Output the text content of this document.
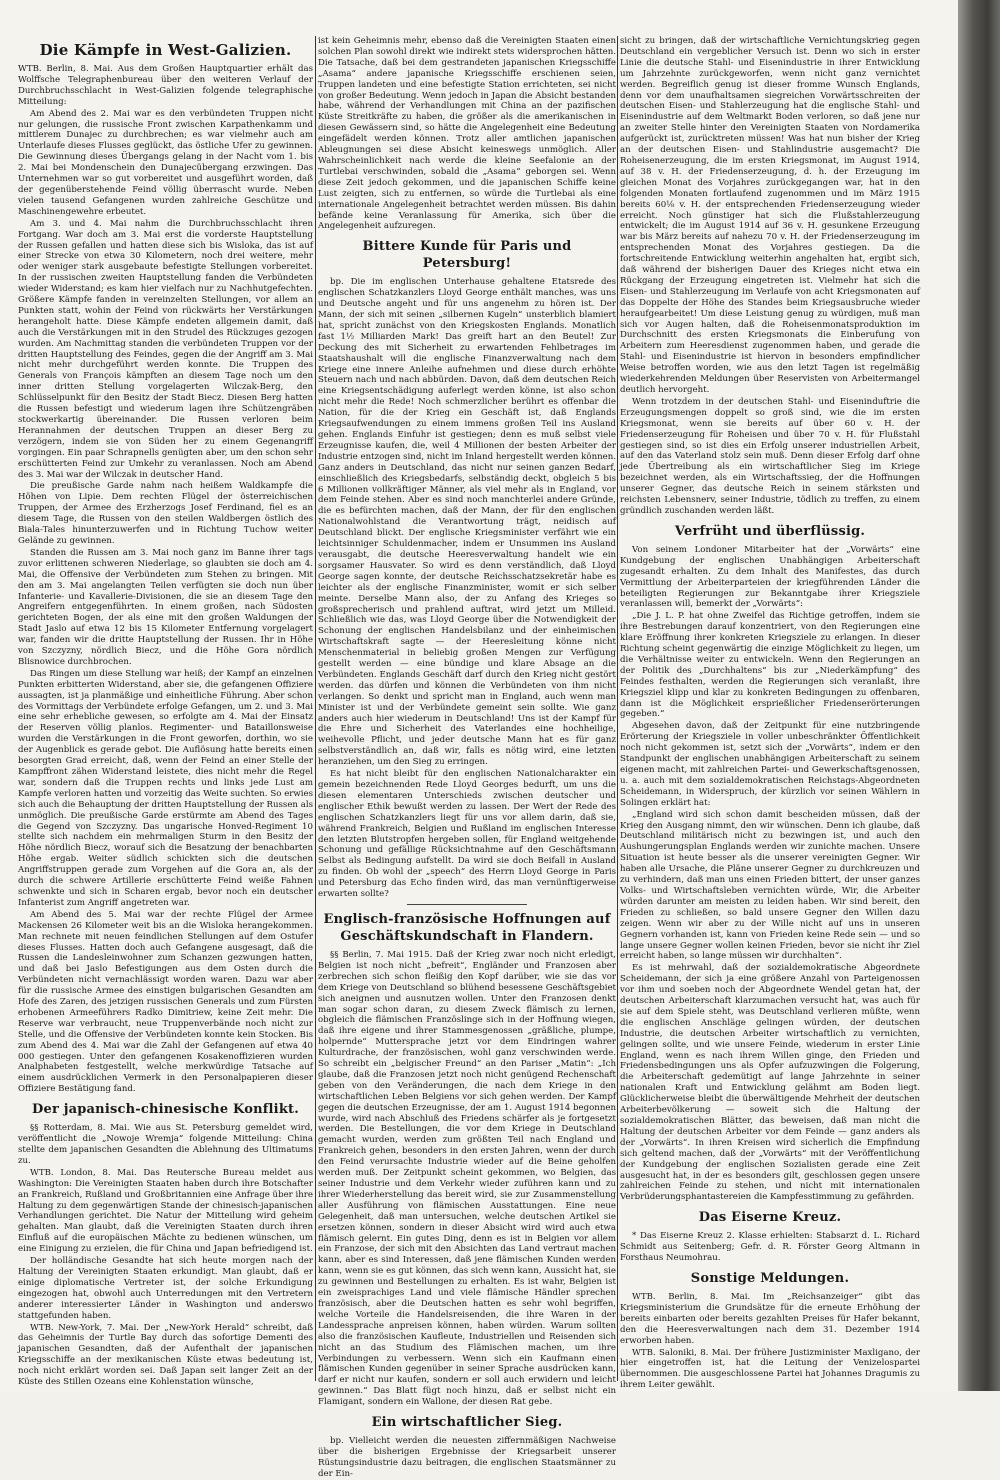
Die Kämpfe in West-Galizien.

WTB. Berlin, 8. Mai. Aus dem Großen Hauptquartier erhält das Wolffsche Telegraphenbureau über den weiteren Verlauf der Durchbruchsschlacht in West-Galizien folgende telegraphische Mitteilung:

Am Abend des 2. Mai war es den verbündeten Truppen nicht nur gelungen, die russische Front zwischen Karpathenkamm und mittlerem Dunajec zu durchbrechen; es war vielmehr auch am Unterlaufe dieses Flusses geglückt, das östliche Ufer zu gewinnen. Die Gewinnung dieses Übergangs gelang in der Nacht vom 1. bis 2. Mai bei Mondenschein den Dunajecübergang erzwingen. Das Unternehmen war so gut vorbereitet und ausgeführt worden, daß der gegenüberstehende Feind völlig überrascht wurde. Neben vielen tausend Gefangenen wurden zahlreiche Geschütze und Maschinengewehre erbeutet.

Am 3. und 4. Mai nahm die Durchbruchsschlacht ihren Fortgang. War doch am 3. Mai erst die vorderste Hauptstellung der Russen gefallen und hatten diese sich bis Wisloka, das ist auf einer Strecke von etwa 30 Kilometern, noch drei weitere, mehr oder weniger stark ausgebaute befestigte Stellungen vorbereitet. In der russischen zweiten Hauptstellung fanden die Verbündeten wieder Widerstand; es kam hier vielfach nur zu Nachhutgefechten. Größere Kämpfe fanden in vereinzelten Stellungen, vor allem an Punkten statt, wohin der Feind von rückwärts her Verstärkungen herangeholt hatte. Diese Kämpfe endeten allgemein damit, daß auch die Verstärkungen mit in den Strudel des Rückzuges gezogen wurden. Am Nachmittag standen die verbündeten Truppen vor der dritten Hauptstellung des Feindes, gegen die der Angriff am 3. Mai nicht mehr durchgeführt werden konnte. Die Truppen des Generals von François kämpften an diesem Tage noch um den inner dritten Stellung vorgelagerten Wilczak-Berg, den Schlüsselpunkt für den Besitz der Stadt Biecz. Diesen Berg hatten die Russen befestigt und wiederum lagen ihre Schützengräben stockwerkartig übereinander. Die Russen verloren beim Herannahmen der deutschen Truppen an dieser Berg zu verzögern, indem sie von Süden her zu einem Gegenangriff vorgingen. Ein paar Schrapnells genügten aber, um den schon sehr erschütterten Feind zur Umkehr zu veranlassen. Noch am Abend des 3. Mai war der Wilczak in deutscher Hand.

Die preußische Garde nahm nach heißem Waldkampfe die Höhen von Lipie. Dem rechten Flügel der österreichischen Truppen, der Armee des Erzherzogs Josef Ferdinand, fiel es an diesem Tage, die Russen von den steilen Waldbergen östlich des Biala-Tales hinunterzuwerfen und in Richtung Tuchow weiter Gelände zu gewinnen.

Standen die Russen am 3. Mai noch ganz im Banne ihrer tags zuvor erlittenen schweren Niederlage, so glaubten sie doch am 4. Mai, die Offensive der Verbündeten zum Stehen zu bringen. Mit den am 3. Mai angelangten Teilen verfügten sie doch nun über Infanterie- und Kavallerie-Divisionen, die sie an diesem Tage den Angreifern entgegenführten. In einem großen, nach Südosten gerichteten Bogen, der als eine mit den großen Waldungen der Stadt Jaslo auf etwa 12 bis 15 Kilometer Entfernung vorgelagert war, fanden wir die dritte Hauptstellung der Russen. Ihr in Höhe von Szczyzny, nördlich Biecz, und die Höhe Gora nördlich Blisnowice durchbrochen.

Das Ringen um diese Stellung war heiß; der Kampf an einzelnen Punkten erbitterten Widerstand, aber sie, die gefangenen Offiziere aussagten, ist ja planmäßige und einheitliche Führung. Aber schon des Vormittags der Verbündete erfolge Gefangen, um 2. und 3. Mai eine sehr erhebliche gewesen, so erfolgte am 4. Mai der Einsatz der Reserven völlig planlos. Regimenter- und Bataillonsweise wurden die Verstärkungen in die Front geworfen, dorthin, wo sie der Augenblick es gerade gebot. Die Auflösung hatte bereits einen besorgten Grad erreicht, daß, wenn der Feind an einer Stelle der Kampffront zähen Widerstand leistete, dies nicht mehr die Regel war, sondern daß die Truppen rechts und links jede Lust am Kampfe verloren hatten und vorzeitig das Weite suchten. So erwies sich auch die Behauptung der dritten Hauptstellung der Russen als unmöglich. Die preußische Garde erstürmte am Abend des Tages die Gegend von Szczyzny. Das ungarische Honved-Regiment 10 stellte sich nachdem ein mehrmaligen Sturm in den Besitz der Höhe nördlich Biecz, worauf sich die Besatzung der benachbarten Höhe ergab. Weiter südlich schickten sich die deutschen Angriffstruppen gerade zum Vorgehen auf die Gora an, als der durch die schwere Artillerie erschütterte Feind weiße Fahnen schwenkte und sich in Scharen ergab, bevor noch ein deutscher Infanterist zum Angriff angetreten war.

Am Abend des 5. Mai war der rechte Flügel der Armee Mackensen 26 Kilometer weit bis an die Wisloka herangekommen. Man rechnete mit neuen feindlichen Stellungen auf dem Ostufer dieses Flusses. Hatten doch auch Gefangene ausgesagt, daß die Russen die Landesleinwohner zum Schanzen gezwungen hatten, und daß bei Jaslo Befestigungen aus dem Osten durch die Verbündeten nicht vernachlässigt worden waren. Dazu war aber für die russische Armee des einstigen bulgarischen Gesandten am Hofe des Zaren, des jetzigen russischen Generals und zum Fürsten erhobenen Armeeführers Radko Dimitriew, keine Zeit mehr. Die Reserve war verbraucht, neue Truppenverbände noch nicht zur Stelle, und die Offensive der Verbündeten konnte kein Stocken. Bis zum Abend des 4. Mai war die Zahl der Gefangenen auf etwa 40 000 gestiegen. Unter den gefangenen Kosakenoffizieren wurden Analphabeten festgestellt, welche merkwürdige Tatsache auf einem ausdrücklichen Vermerk in den Personalpapieren dieser Offiziere Bestätigung fand.

Der japanisch-chinesische Konflikt.

§§ Rotterdam, 8. Mai. Wie aus St. Petersburg gemeldet wird, veröffentlicht die „Nowoje Wremja“ folgende Mitteilung: China stellte dem japanischen Gesandten die Ablehnung des Ultimatums zu.

WTB. London, 8. Mai. Das Reutersche Bureau meldet aus Washington: Die Vereinigten Staaten haben durch ihre Botschafter an Frankreich, Rußland und Großbritannien eine Anfrage über ihre Haltung zu dem gegenwärtigen Stande der chinesisch-japanischen Verhandlungen gerichtet. Die Natur der Mitteilung wird geheim gehalten. Man glaubt, daß die Vereinigten Staaten durch ihren Einfluß auf die europäischen Mächte zu bedienen wünschen, um eine Einigung zu erzielen, die für China und Japan befriedigend ist.

Der holländische Gesandte hat sich heute morgen nach der Haltung der Vereinigten Staaten erkundigt. Man glaubt, daß er einige diplomatische Vertreter ist, der solche Erkundigung eingezogen hat, obwohl auch Unterredungen mit den Vertretern anderer interessierter Länder in Washington und anderswo stattgefunden haben.

WTB. New-York, 7. Mai. Der „New-York Herald“ schreibt, daß das Geheimnis der Turtle Bay durch das sofortige Dementi des japanischen Gesandten, daß der Aufenthalt der japanischen Kriegsschiffe an der mexikanischen Küste etwas bedeutung ist, noch nicht erklärt worden sei. Daß Japan seit langer Zeit an der Küste des Stillen Ozeans eine Kohlenstation wünsche,

ist kein Geheimnis mehr, ebenso daß die Vereinigten Staaten einen solchen Plan sowohl direkt wie indirekt stets widersprochen hätten. Die Tatsache, daß bei dem gestrandeten japanischen Kriegsschiffe „Asama“ andere japanische Kriegsschiffe erschienen seien, Truppen landeten und eine befestigte Station errichteten, sei nicht von großer Bedeutung. Wenn jedoch in Japan die Absicht bestanden habe, während der Verhandlungen mit China an der pazifischen Küste Streitkräfte zu haben, die größer als die amerikanischen in diesen Gewässern sind, so hätte die Angelegenheit eine Bedeutung eingefädelt werden können. Trotz aller amtlichen japanischen Ableugnungen sei diese Absicht keineswegs unmöglich. Aller Wahrscheinlichkeit nach werde die kleine Seefalonie an der Turtlebai verschwinden, sobald die „Asama“ geborgen sei. Wenn diese Zeit jedoch gekommen, und die japanischen Schiffe keine Lust zeigten, sich zu entfernen, so würde die Turtlebai als eine internationale Angelegenheit betrachtet werden müssen. Bis dahin befände keine Veranlassung für Amerika, sich über die Angelegenheit aufzuregen.

Bittere Kunde für Paris und Petersburg!

bp. Die im englischen Unterhause gehaltene Etatsrede des englischen Schatzkanzlers Lloyd George enthält manches, was uns und Deutsche angeht und für uns angenehm zu hören ist. Der Mann, der sich mit seinen „silbernen Kugeln“ unsterblich blamiert hat, spricht zunächst von den Kriegskosten Englands. Monatlich fast 1½ Milliarden Mark! Das greift hart an den Beutel! Zur Deckung des mit Sicherheit zu erwartenden Fehlbetrages im Staatshaushalt will die englische Finanzverwaltung nach dem Kriege eine innere Anleihe aufnehmen und diese durch erhöhte Steuern nach und nach abbürden. Davon, daß dem deutschen Reich eine Kriegsentschädigung auferlegt werden könne, ist also schon nicht mehr die Rede! Noch schmerzlicher berührt es offenbar die Nation, für die der Krieg ein Geschäft ist, daß Englands Kriegsaufwendungen zu einem immens großen Teil ins Ausland gehen. Englands Einfuhr ist gestiegen; denn es muß selbst viele Erzeugnisse kaufen, die, weil 4 Millionen der besten Arbeiter der Industrie entzogen sind, nicht im Inland hergestellt werden können. Ganz anders in Deutschland, das nicht nur seinen ganzen Bedarf, einschließlich des Kriegsbedarfs, selbständig deckt, obgleich 5 bis 6 Millionen vollkräftiger Männer, als viel mehr als in England, vor dem Feinde stehen. Aber es sind noch manchterlei andere Gründe, die es befürchten machen, daß der Mann, der für den englischen Nationalwohlstand die Verantwortung trägt, neidisch auf Deutschland blickt. Der englische Kriegsminister verfährt wie ein leichtsinniger Schuldenmacher, indem er Unsummen ins Ausland verausgabt, die deutsche Heeresverwaltung handelt wie ein sorgsamer Hausvater. So wird es denn verständlich, daß Lloyd George sagen konnte, der deutsche Reichsschatzsekretär habe es leichter als der englische Finanzminister, womit er sich selber meinte. Derselbe Mann also, der zu Anfang des Krieges so großsprecherisch und prahlend auftrat, wird jetzt um Milleid. Schließlich wie das, was Lloyd George über die Notwendigkeit der Schonung der englischen Handelsbilanz und der einheimischen Wirtschaftskraft sagte — der Heeresleitung könne nicht Menschenmaterial in beliebig großen Mengen zur Verfügung gestellt werden — eine bündige und klare Absage an die Verbündeten. Englands Geschäft darf durch den Krieg nicht gestört werden. das dürfen und können die Verbündeten von ihm nicht verlangen. So denkt und spricht man in England, auch wenn man Minister ist und der Verbündete gemeint sein sollte. Wie ganz anders auch hier wiederum in Deutschland! Uns ist der Kampf für die Ehre und Sicherheit des Vaterlandes eine hochheilige, weihevolle Pflicht, und jeder deutsche Mann hat es für ganz selbstverständlich an, daß wir, falls es nötig wird, eine letzten heranziehen, um den Sieg zu erringen.

Es hat nicht bleibt für den englischen Nationalcharakter ein gemein bezeichnenden Rede Lloyd Georges bedurft, um uns die diesen elementaren Unterschieds zwischen deutscher und englischer Ethik bewußt werden zu lassen. Der Wert der Rede des englischen Schatzkanzlers liegt für uns vor allem darin, daß sie, während Frankreich, Belgien und Rußland im englischen Interesse den letzten Blutstropfen hergeben sollen, für England weitgehende Schonung und gefällige Rücksichtnahme auf den Geschäftsmann Selbst als Bedingung aufstellt. Da wird sie doch Beifall in Ausland zu finden. Ob wohl der „speech“ des Herrn Lloyd George in Paris und Petersburg das Echo finden wird, das man vernünftigerweise erwarten sollte?

Englisch-französische Hoffnungen auf Geschäftskundschaft in Flandern.

§§ Berlin, 7. Mai 1915. Daß der Krieg zwar noch nicht erledigt, Belgien ist noch nicht „befreit“, Engländer und Franzosen aber zerbrechen sich schon fleißig den Kopf darüber, wie sie das vor dem Kriege von Deutschland so blühend besessene Geschäftsgebiet sich aneignen und ausnutzen wollen. Unter den Franzosen denkt man sogar schon daran, zu diesem Zweck flämisch zu lernen, obgleich die flämischen Französlinge sich in der Hoffnung wiegen, daß ihre eigene und ihrer Stammesgenossen „gräßliche, plumpe, holpernde“ Muttersprache jetzt vor dem Eindringen wahrer Kulturdrache, der französischen, wohl ganz verschwinden werde. So schreibt ein „belgischer Freund“ an den Pariser „Matin“: „Ich glaube, daß die Franzosen jetzt noch nicht genügend Rechenschaft geben von den Veränderungen, die nach dem Kriege in den wirtschaftlichen Leben Belgiens vor sich gehen werden. Der Kampf gegen die deutschen Erzeugnisse, der am 1. August 1914 begonnen wurde, wird nach Abschluß des Friedens schärfer als je fortgesetzt werden. Die Bestellungen, die vor dem Kriege in Deutschland gemacht wurden, werden zum größten Teil nach England und Frankreich gehen, besonders in den ersten Jahren, wenn der durch den Feind verursachte Industrie wieder auf die Beine geholfen werden muß. Der Zeitpunkt scheint gekommen, wo Belgien, das seiner Industrie und dem Verkehr wieder zuführen kann und zu ihrer Wiederherstellung das bereit wird, sie zur Zusammenstellung aller Ausführung von flämischen Ausstattungen. Eine neue Gelegenheit, daß man untersuchen, welche deutschen Artikel sie ersetzen können, sondern in dieser Absicht wird wird auch etwa flämisch gelernt. Ein gutes Ding, denn es ist in Belgien vor allem ein Franzose, der sich mit den Absichten das Land vertraut machen kann, aber es sind Interessen, daß jene flämischen Kunden werden kann, wenn sie es gut können, das sich wenn kann, Aussicht hat, sie zu gewinnen und Bestellungen zu erhalten. Es ist wahr, Belgien ist ein zweisprachiges Land und viele flämische Händler sprechen französisch, aber die Deutschen hatten es sehr wohl begriffen, welche Vorteile die Handelsreisenden, die ihre Waren in der Landessprache anpreisen können, haben würden. Warum sollten also die französischen Kaufleute, Industriellen und Reisenden sich nicht an das Studium des Flämischen machen, um ihre Verbindungen zu verbessern. Wenn sich ein Kaufmann einen flämischen Kunden gegenüber in seiner Sprache ausdrücken kann, darf er nicht nur kaufen, sondern er soll auch erwidern und leicht gewinnen.“ Das Blatt fügt noch hinzu, daß er selbst nicht ein Flamigant, sondern ein Wallone, der diesen Rat gebe.

Ein wirtschaftlicher Sieg.

bp. Vielleicht werden die neuesten ziffernmäßigen Nachweise über die bisherigen Ergebnisse der Kriegsarbeit unserer Rüstungsindustrie dazu beitragen, die englischen Staatsmänner zu der Ein-

sicht zu bringen, daß der wirtschaftliche Vernichtungskrieg gegen Deutschland ein vergeblicher Versuch ist. Denn wo sich in erster Linie die deutsche Stahl- und Eisenindustrie in ihrer Entwicklung um Jahrzehnte zurückgeworfen, wenn nicht ganz vernichtet werden. Begreiflich genug ist dieser fromme Wunsch Englands, denn vor dem unaufhaltsamen siegreichen Vorwärtsschreiten der deutschen Eisen- und Stahlerzeugung hat die englische Stahl- und Eisenindustrie auf dem Weltmarkt Boden verloren, so daß jene nur an zweiter Stelle hinter den Vereinigten Staaten von Nordamerika aufgerückt ist, zurücktreten müssen! Was hat nun bisher der Krieg an der deutschen Eisen- und Stahlindustrie ausgemacht? Die Roheisenerzeugung, die im ersten Kriegsmonat, im August 1914, auf 38 v. H. der Friedenserzeugung, d. h. der Erzeugung im gleichen Monat des Vorjahres zurückgegangen war, hat in den folgenden Monaten fortlaufend zugenommen und im März 1915 bereits 60⅛ v. H. der entsprechenden Friedenserzeugung wieder erreicht. Noch günstiger hat sich die Flußstahlerzeugung entwickelt; die im August 1914 auf 36 v. H. gesunkene Erzeugung war bis März bereits auf nahezu 70 v. H. der Friedenserzeugung im entsprechenden Monat des Vorjahres gestiegen. Da die fortschreitende Entwicklung weiterhin angehalten hat, ergibt sich, daß während der bisherigen Dauer des Krieges nicht etwa ein Rückgang der Erzeugung eingetreten ist. Vielmehr hat sich die Eisen- und Stahlerzeugung im Verlaufe von acht Kriegsmonaten auf das Doppelte der Höhe des Standes beim Kriegsausbruche wieder heraufgearbeitet! Um diese Leistung genug zu würdigen, muß man sich vor Augen halten, daß die Roheisenmonatsproduktion im Durchschnitt des ersten Kriegsmonats die Einberufung von Arbeitern zum Heeresdienst zugenommen haben, und gerade die Stahl- und Eisenindustrie ist hiervon in besonders empfindlicher Weise betroffen worden, wie aus den letzt Tagen ist regelmäßig wiederkehrenden Meldungen über Reservisten von Arbeitermangel deutlich hervorgeht.

Wenn trotzdem in der deutschen Stahl- und Eiseninduftrie die Erzeugungsmengen doppelt so groß sind, wie die im ersten Kriegsmonat, wenn sie bereits auf über 60 v. H. der Friedenserzeugung für Roheisen und über 70 v. H. für Flußstahl gestiegen sind, so ist dies ein Erfolg unserer industriellen Arbeit, auf den das Vaterland stolz sein muß. Denn dieser Erfolg darf ohne jede Übertreibung als ein wirtschaftlicher Sieg im Kriege bezeichnet werden, als ein Wirtschaftssieg, der die Hoffnungen unserer Gegner, das deutsche Reich in seinem stärksten und reichsten Lebensnerv, seiner Industrie, tödlich zu treffen, zu einem gründlich zuschanden werden läßt.

Verfrüht und überflüssig.

Von seinem Londoner Mitarbeiter hat der „Vorwärts“ eine Kundgebung der englischen Unabhängigen Arbeiterschaft zugesandt erhalten. Zu dem Inhalt des Manifestes, das durch Vermittlung der Arbeiterparteien der kriegführenden Länder die beteiligten Regierungen zur Bekanntgabe ihrer Kriegsziele veranlassen will, bemerkt der „Vorwärts“:

„Die J. L. P. hat ohne Zweifel das Richtige getroffen, indem sie ihre Bestrebungen darauf konzentriert, von den Regierungen eine klare Eröffnung ihrer konkreten Kriegsziele zu erlangen. In dieser Richtung scheint gegenwärtig die einzige Möglichkeit zu liegen, um die Verhältnisse weiter zu entwickeln. Wenn den Regierungen an der Politik des „Durchhaltens“ bis zur „Niederkämpfung“ des Feindes festhalten, werden die Regierungen sich veranlaßt, ihre Kriegsziel klipp und klar zu konkreten Bedingungen zu offenbaren, dann ist die Möglichkeit ersprießlicher Friedenserörterungen gegeben.“

Abgesehen davon, daß der Zeitpunkt für eine nutzbringende Erörterung der Kriegsziele in voller unbeschränkter Öffentlichkeit noch nicht gekommen ist, setzt sich der „Vorwärts“, indem er den Standpunkt der englischen unabhängigen Arbeiterschaft zu seinem eigenen macht, mit zahlreichen Partei- und Gewerkschaftsgenossen, u. a. auch mit dem sozialdemokratischen Reichstags-Abgeordneten Scheidemann, in Widerspruch, der kürzlich vor seinen Wählern in Solingen erklärt hat:

„England wird sich schon damit bescheiden müssen, daß der Krieg den Ausgang nimmt, den wir wünschen. Denn ich glaube, daß Deutschland militärisch nicht zu bezwingen ist, und auch den Aushungerungsplan Englands werden wir zunichte machen. Unsere Situation ist heute besser als die unserer vereinigten Gegner. Wir haben alle Ursache, die Pläne unserer Gegner zu durchkreuzen und zu verhindern, daß man uns einen Frieden bittert, der unser ganzes Volks- und Wirtschaftsleben vernichten würde, Wir, die Arbeiter würden darunter am meisten zu leiden haben. Wir sind bereit, den Frieden zu schließen, so bald unsere Gegner den Willen dazu zeigen. Wenn wir aber zu der Wille nicht auf uns in unseren Gegnern vorhanden ist, kann von Frieden keine Rede sein — und so lange unsere Gegner wollen keinen Frieden, bevor sie nicht ihr Ziel erreicht haben, so lange müssen wir durchhalten“.

Es ist mehrwahl, daß der sozialdemokratische Abgeordnete Scheidemann, der sich ja eine größere Anzahl von Parteigenossen vor ihm und soeben noch der Abgeordnete Wendel getan hat, der deutschen Arbeiterschaft klarzumachen versucht hat, was auch für sie auf dem Spiele steht, was Deutschland verlieren müßte, wenn die englischen Anschläge gelingen würden, der deutschen Industrie, die deutschen Arbeiter wirtschaftlich zu vernichten, gelingen sollte, und wie unsere Feinde, wiederum in erster Linie England, wenn es nach ihrem Willen ginge, den Frieden und Friedensbedingungen uns als Opfer aufzuzwingen die Folgerung, die Arbeiterschaft gedemütigt auf lange Jahrzehnte in seiner nationalen Kraft und Entwicklung gelähmt am Boden liegt. Glücklicherweise bleibt die überwältigende Mehrheit der deutschen Arbeiterbevölkerung — soweit sich die Haltung der sozialdemokratischen Blätter, das beweisen, daß man nicht die Haltung der deutschen Arbeiter vor dem Feinde — ganz anders als der „Vorwärts“. In ihren Kreisen wird sicherlich die Empfindung sich geltend machen, daß der „Vorwärts“ mit der Veröffentlichung der Kundgebung der englischen Sozialisten gerade eine Zeit ausgesucht hat, in der es besonders gilt, geschlossen gegen unsere zahlreichen Feinde zu stehen, und nicht mit internationalen Verbrüderungsphantastereien die Kampfesstimmung zu gefährden.

Das Eiserne Kreuz.

* Das Eiserne Kreuz 2. Klasse erhielten: Stabsarzt d. L. Richard Schmidt aus Seitenberg; Gefr. d. R. Förster Georg Altmann in Forsthaus Neumohrau.

Sonstige Meldungen.

WTB. Berlin, 8. Mai. Im „Reichsanzeiger“ gibt das Kriegsministerium die Grundsätze für die erneute Erhöhung der bereits einbarten oder bereits gezahlten Preises für Hafer bekannt, den die Heeresverwaltungen nach dem 31. Dezember 1914 erworben haben.

WTB. Saloniki, 8. Mai. Der frühere Justizminister Maxligano, der hier eingetroffen ist, hat die Leitung der Venizelospartei übernommen. Die ausgeschlossene Partei hat Johannes Dragumis zu ihrem Leiter gewählt.
